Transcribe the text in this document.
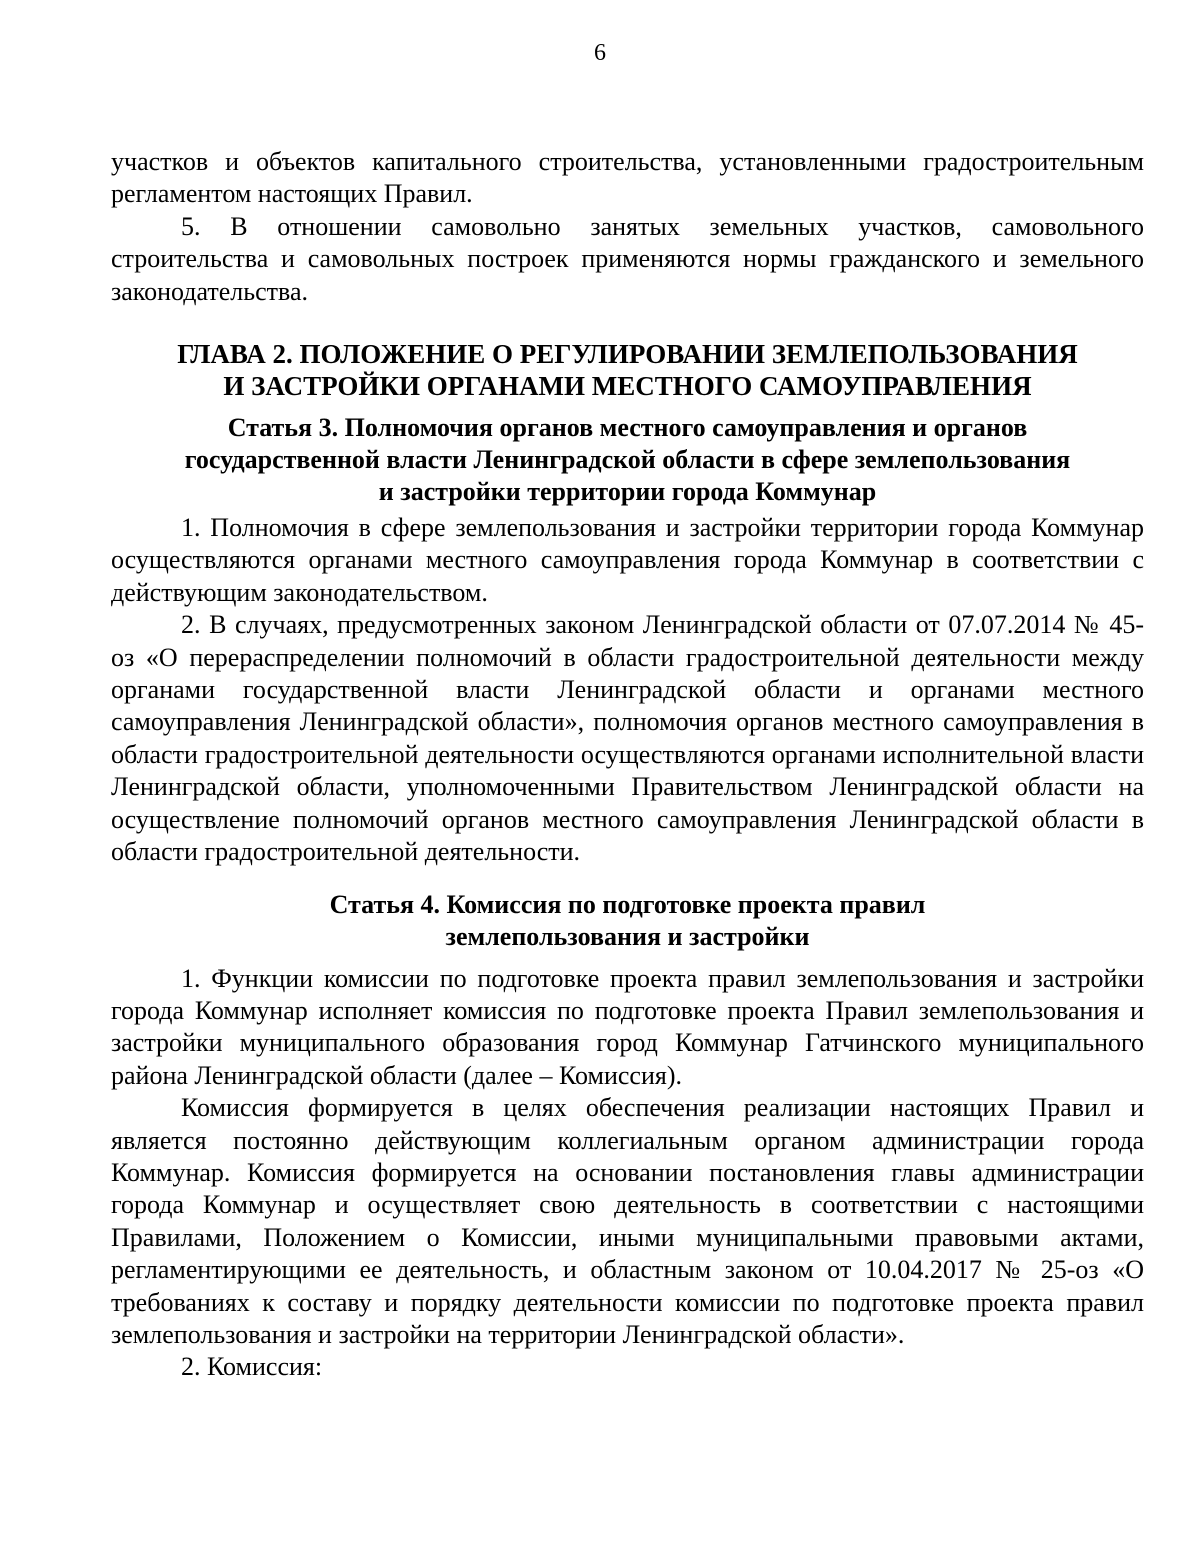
6

участков и объектов капитального строительства, установленными градостроительным регламентом настоящих Правил.

5. В отношении самовольно занятых земельных участков, самовольного строительства и самовольных построек применяются нормы гражданского и земельного законодательства.

ГЛАВА 2. ПОЛОЖЕНИЕ О РЕГУЛИРОВАНИИ ЗЕМЛЕПОЛЬЗОВАНИЯ
И ЗАСТРОЙКИ ОРГАНАМИ МЕСТНОГО САМОУПРАВЛЕНИЯ
Статья 3. Полномочия органов местного самоуправления и органов
государственной власти Ленинградской области в сфере землепользования
и застройки территории города Коммунар

1. Полномочия в сфере землепользования и застройки территории города Коммунар осуществляются органами местного самоуправления города Коммунар в соответствии с действующим законодательством.

2. В случаях, предусмотренных законом Ленинградской области от 07.07.2014 № 45-оз «О перераспределении полномочий в области градостроительной деятельности между органами государственной власти Ленинградской области и органами местного самоуправления Ленинградской области», полномочия органов местного самоуправления в области градостроительной деятельности осуществляются органами исполнительной власти Ленинградской области, уполномоченными Правительством Ленинградской области на осуществление полномочий органов местного самоуправления Ленинградской области в области градостроительной деятельности.

Статья 4. Комиссия по подготовке проекта правил
землепользования и застройки

1. Функции комиссии по подготовке проекта правил землепользования и застройки города Коммунар исполняет комиссия по подготовке проекта Правил землепользования и застройки муниципального образования город Коммунар Гатчинского муниципального района Ленинградской области (далее – Комиссия).

Комиссия формируется в целях обеспечения реализации настоящих Правил и является постоянно действующим коллегиальным органом администрации города Коммунар. Комиссия формируется на основании постановления главы администрации города Коммунар и осуществляет свою деятельность в соответствии с настоящими Правилами, Положением о Комиссии, иными муниципальными правовыми актами, регламентирующими ее деятельность, и областным законом от 10.04.2017 № 25-оз «О требованиях к составу и порядку деятельности комиссии по подготовке проекта правил землепользования и застройки на территории Ленинградской области».

2. Комиссия:
